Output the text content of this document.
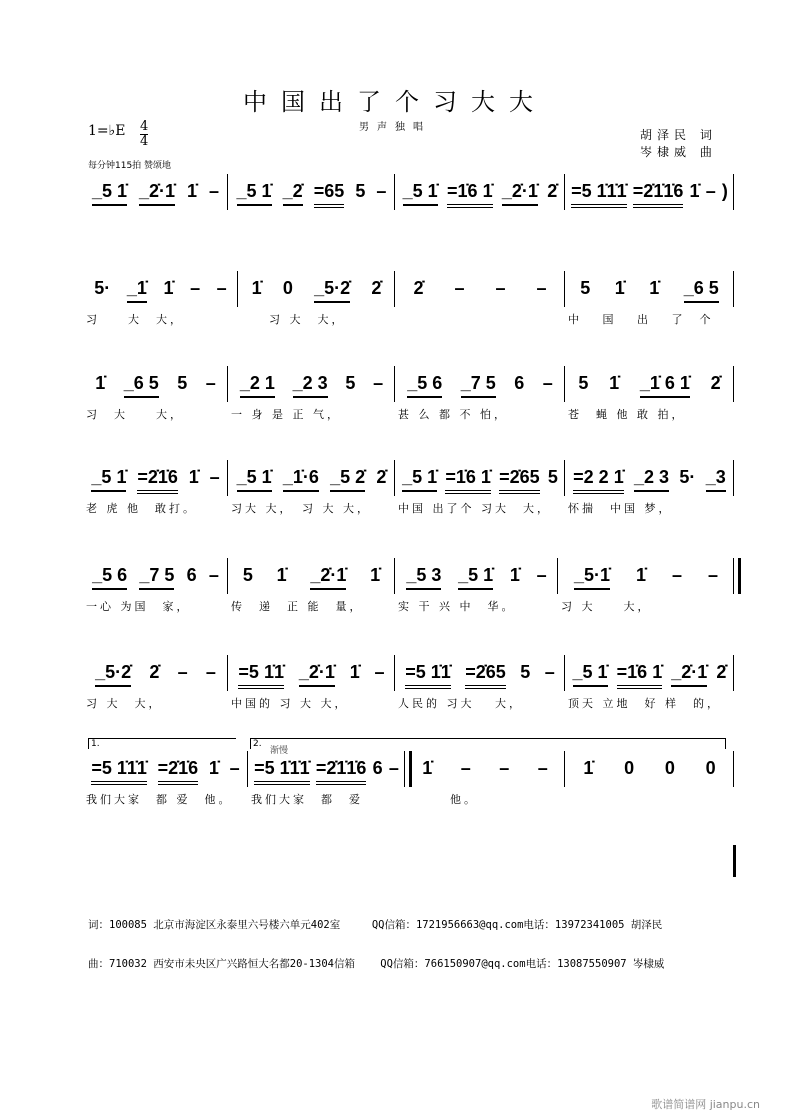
中国出了个习大大
男声独唱
1=♭E 4
4
每分钟115拍 赞颂地
胡泽民 词
岑棣威 曲
_5 1̇ _2̇·1̇ 1̇ – _5 1̇ _2̇ =65 5 – _5 1̇ =1̇6 1̇ _2̇·1̇ 2̇ =5 1̇1̇1̇ =2̇1̇1̇6 1̇ – )
5· _1̇ 1̇ – –
习　　大　大，
1̇ 0 _5·2̇ 2̇
　　习 大　大，
2̇ – – – 5 1̇ 1̇ _6 5
中　 国　 出　 了　个
1̇ _6 5 5 –
习　大　　大，
_2 1 _2 3 5 –
一 身 是 正 气，
_5 6 _7 5 6 –
甚 么 都 不 怕，
5 1̇ _1̇ 6 1̇ 2̇
苍　蝇 他 敢 拍，
_5 1̇ =2̇1̇6 1̇ –
老 虎 他　敢打。
_5 1̇ _1̇·6 _5 2̇ 2̇
习大 大，　习 大 大，
_5 1̇ =1̇6 1̇ =2̇65 5
中国 出了个 习大　大，
=2 2 1̇ _2 3 5· _3
怀揣　中国 梦，
_5 6 _7 5 6 –
一心 为国　家，
5 1̇ _2̇·1̇ 1̇
传　递　正 能　量，
_5 3 _5 1̇ 1̇ –
实 干 兴 中　华。
_5·1̇ 1̇ – –
习 大　　大，
_5·2̇ 2̇ – –
习 大　大，
=5 1̇1̇ _2̇·1̇ 1̇ –
中国的 习 大 大，
=5 1̇1̇ =2̇65 5 –
人民的 习大　 大，
_5 1̇ =1̇6 1̇ _2̇·1̇ 2̇
顶天 立地　好 样　的，
=5 1̇1̇1̇ =2̇1̇6 1̇ –
我们大家　都 爱　他。
=5 1̇1̇1̇ =2̇1̇1̇6 6 –
我们大家　都　爱
1̇ – – –
　　　他。
1̇ 0 0 0
1.	2.
渐慢

词：100085 北京市海淀区永泰里六号楼六单元402室     QQ信箱：1721956663@qq.com电话：13972341005 胡泽民

曲：710032 西安市未央区广兴路恒大名都20-1304信箱    QQ信箱：766150907@qq.com电话：13087550907 岑棣威

歌谱简谱网 jianpu.cn
